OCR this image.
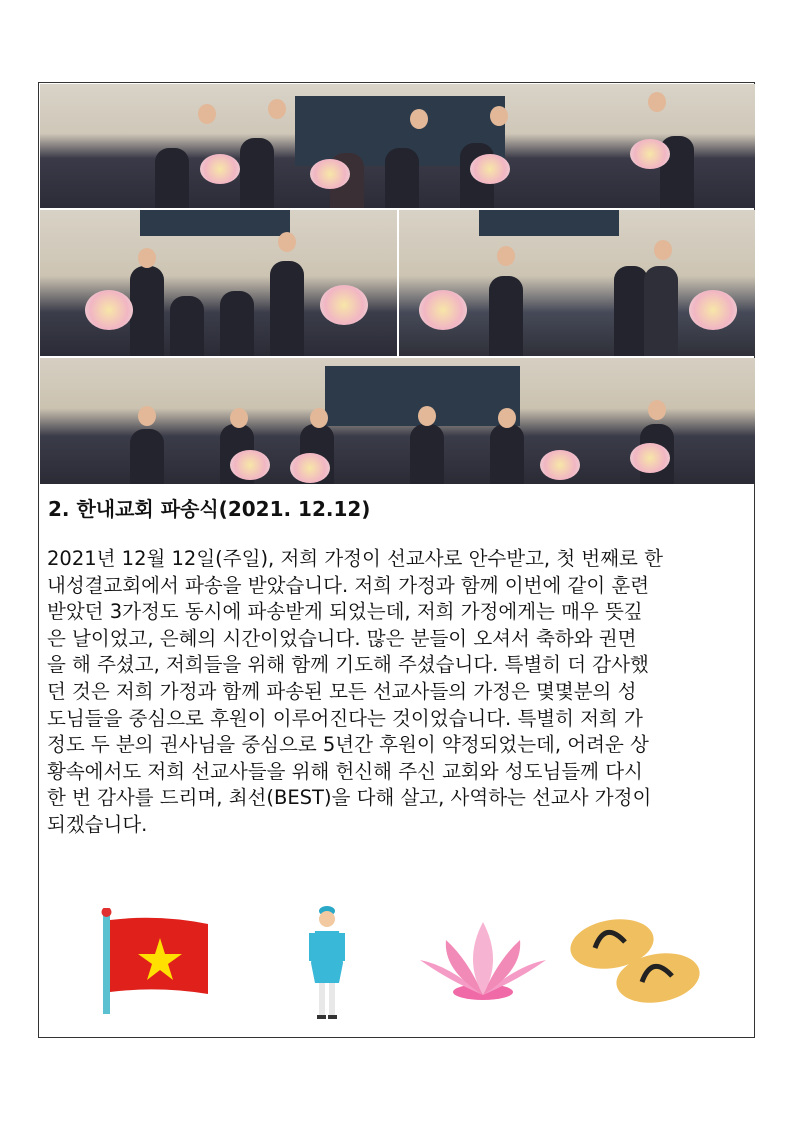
2. 한내교회 파송식(2021. 12.12)
2021년 12월 12일(주일), 저희 가정이 선교사로 안수받고, 첫 번째로 한
내성결교회에서 파송을 받았습니다. 저희 가정과 함께 이번에 같이 훈련
받았던 3가정도 동시에 파송받게 되었는데, 저희 가정에게는 매우 뜻깊
은 날이었고, 은혜의 시간이었습니다. 많은 분들이 오셔서 축하와 권면
을 해 주셨고, 저희들을 위해 함께 기도해 주셨습니다. 특별히 더 감사했
던 것은 저희 가정과 함께 파송된 모든 선교사들의 가정은 몇몇분의 성
도님들을 중심으로 후원이 이루어진다는 것이었습니다. 특별히 저희 가
정도 두 분의 권사님을 중심으로 5년간 후원이 약정되었는데, 어려운 상
황속에서도 저희 선교사들을 위해 헌신해 주신 교회와 성도님들께 다시
한 번 감사를 드리며, 최선(BEST)을 다해 살고, 사역하는 선교사 가정이
되겠습니다.
